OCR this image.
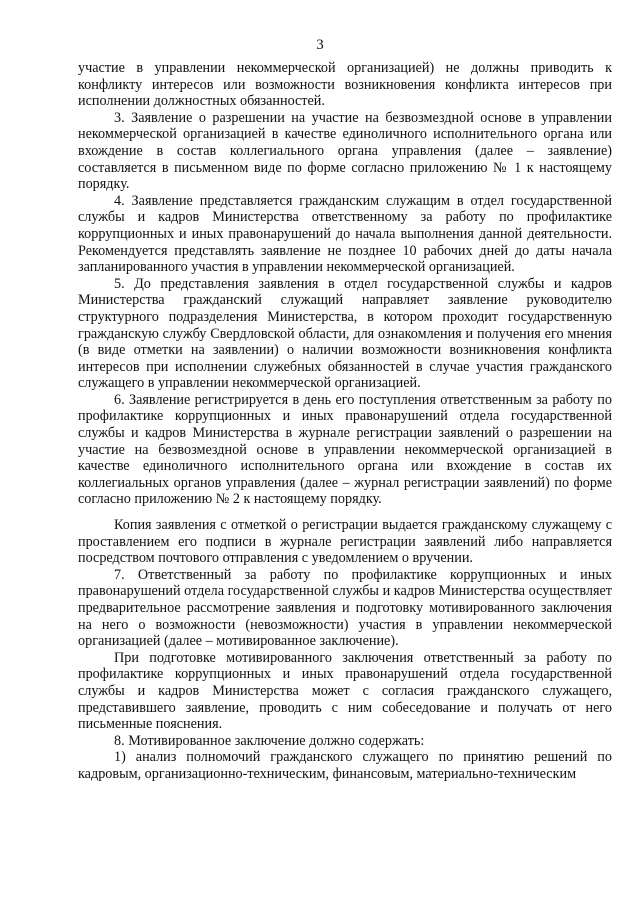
3

участие в управлении некоммерческой организацией) не должны приводить к конфликту интересов или возможности возникновения конфликта интересов при исполнении должностных обязанностей.

3. Заявление о разрешении на участие на безвозмездной основе в управлении некоммерческой организацией в качестве единоличного исполнительного органа или вхождение в состав коллегиального органа управления (далее – заявление) составляется в письменном виде по форме согласно приложению № 1 к настоящему порядку.

4. Заявление представляется гражданским служащим в отдел государственной службы и кадров Министерства ответственному за работу по профилактике коррупционных и иных правонарушений до начала выполнения данной деятельности. Рекомендуется представлять заявление не позднее 10 рабочих дней до даты начала запланированного участия в управлении некоммерческой организацией.

5. До представления заявления в отдел государственной службы и кадров Министерства гражданский служащий направляет заявление руководителю структурного подразделения Министерства, в котором проходит государственную гражданскую службу Свердловской области, для ознакомления и получения его мнения (в виде отметки на заявлении) о наличии возможности возникновения конфликта интересов при исполнении служебных обязанностей в случае участия гражданского служащего в управлении некоммерческой организацией.

6. Заявление регистрируется в день его поступления ответственным за работу по профилактике коррупционных и иных правонарушений отдела государственной службы и кадров Министерства в журнале регистрации заявлений о разрешении на участие на безвозмездной основе в управлении некоммерческой организацией в качестве единоличного исполнительного органа или вхождение в состав их коллегиальных органов управления (далее – журнал регистрации заявлений) по форме согласно приложению № 2 к настоящему порядку.

Копия заявления с отметкой о регистрации выдается гражданскому служащему с проставлением его подписи в журнале регистрации заявлений либо направляется посредством почтового отправления с уведомлением о вручении.

7. Ответственный за работу по профилактике коррупционных и иных правонарушений отдела государственной службы и кадров Министерства осуществляет предварительное рассмотрение заявления и подготовку мотивированного заключения на него о возможности (невозможности) участия в управлении некоммерческой организацией (далее – мотивированное заключение).

При подготовке мотивированного заключения ответственный за работу по профилактике коррупционных и иных правонарушений отдела государственной службы и кадров Министерства может с согласия гражданского служащего, представившего заявление, проводить с ним собеседование и получать от него письменные пояснения.

8. Мотивированное заключение должно содержать:

1) анализ полномочий гражданского служащего по принятию решений по кадровым, организационно-техническим, финансовым, материально-техническим
